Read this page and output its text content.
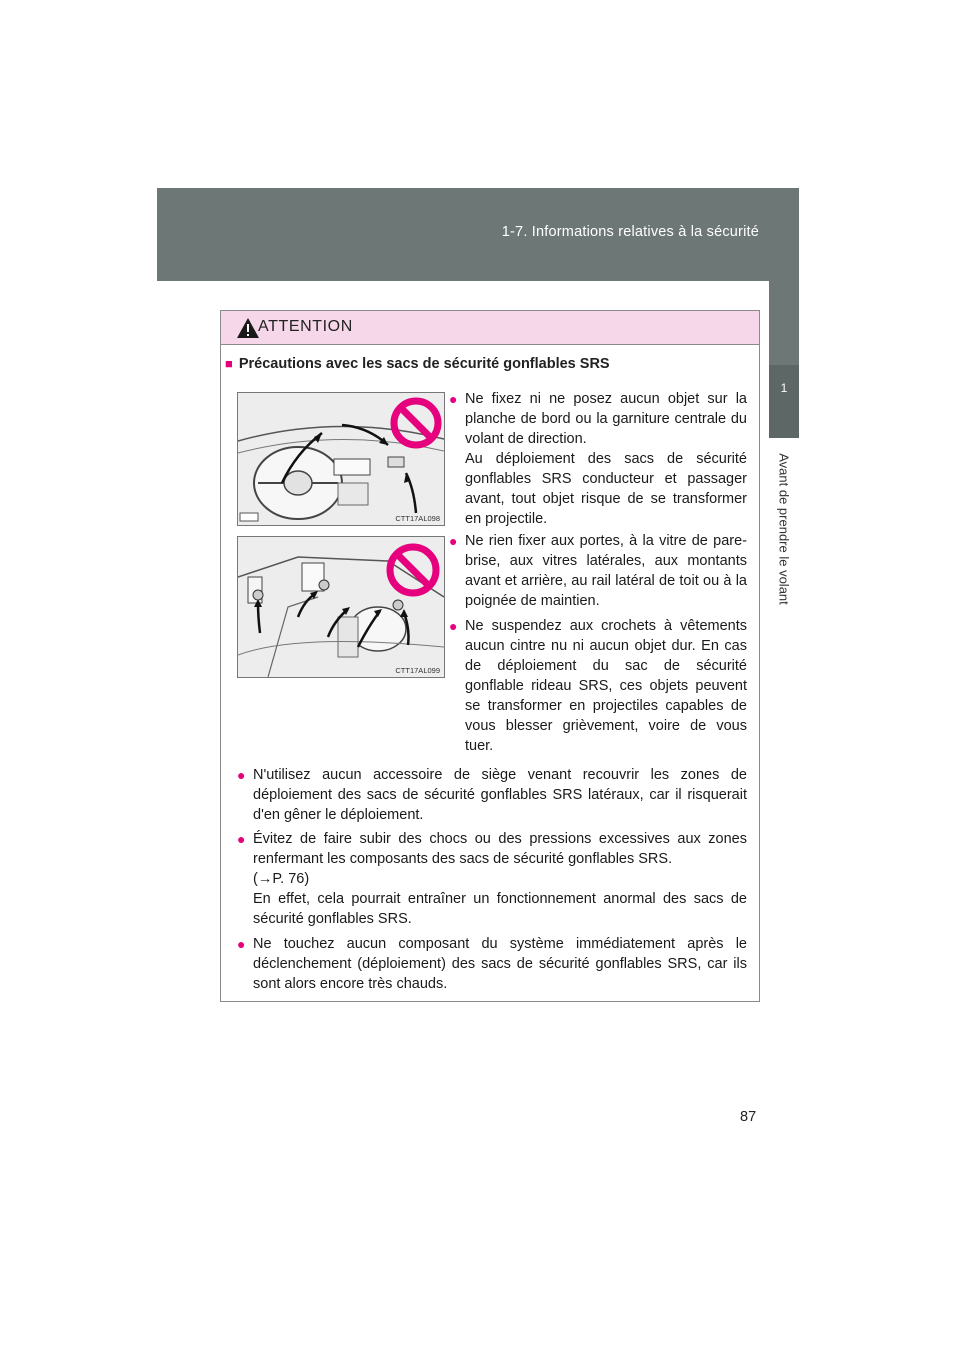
1-7. Informations relatives à la sécurité
1
Avant de prendre le volant
ATTENTION
■ Précautions avec les sacs de sécurité gonflables SRS
CTT17AL098
CTT17AL099
● Ne fixez ni ne posez aucun objet sur la planche de bord ou la garniture centrale du volant de direction.
Au déploiement des sacs de sécurité gonflables SRS conducteur et passager avant, tout objet risque de se transformer en projectile.
● Ne rien fixer aux portes, à la vitre de pare-brise, aux vitres latérales, aux montants avant et arrière, au rail latéral de toit ou à la poignée de maintien.
● Ne suspendez aux crochets à vêtements aucun cintre nu ni aucun objet dur. En cas de déploiement du sac de sécurité gonflable rideau SRS, ces objets peuvent se transformer en projectiles capables de vous blesser grièvement, voire de vous tuer.
● N'utilisez aucun accessoire de siège venant recouvrir les zones de déploiement des sacs de sécurité gonflables SRS latéraux, car il risquerait d'en gêner le déploiement.
● Évitez de faire subir des chocs ou des pressions excessives aux zones renfermant les composants des sacs de sécurité gonflables SRS.
(→P. 76)
En effet, cela pourrait entraîner un fonctionnement anormal des sacs de sécurité gonflables SRS.
● Ne touchez aucun composant du système immédiatement après le déclenchement (déploiement) des sacs de sécurité gonflables SRS, car ils sont alors encore très chauds.
87
